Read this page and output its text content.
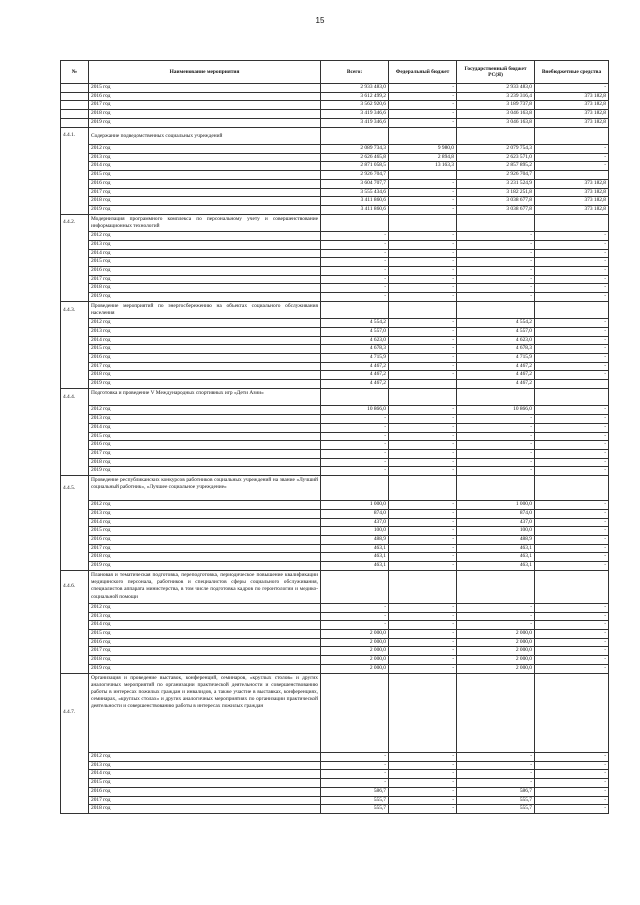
15
№	Наименование мероприятия	Всего:	Федеральный бюджет	Государственный бюджет РС(Я)	Внебюджетные средства
	2015 год	2 933 483,0	-	2 933 483,0	-
	2016 год	3 612 499,2	-	3 239 316,4	373 182,8
	2017 год	3 562 920,6	-	3 189 737,8	373 182,8
	2018 год	3 419 346,6	-	3 046 163,8	373 182,8
	2019 год	3 419 346,6	-	3 046 163,8	373 182,8
4.4.1.	Содержание подведомственных социальных учреждений				
	2012 год	2 089 734,3	9 980,0	2 079 754,3	-
	2013 год	2 626 465,8	2 894,8	2 623 571,0	-
	2014 год	2 871 058,5	13 163,3	2 857 895,2	-
	2015 год	2 926 704,7		2 926 704,7	
	2016 год	3 604 707,7	-	3 231 524,9	373 182,8
	2017 год	3 555 434,6	-	3 182 251,8	373 182,8
	2018 год	3 411 860,6	-	3 038 677,8	373 182,8
	2019 год	3 411 860,6	-	3 038 677,8	373 182,8
4.4.2.	Модернизация программного комплекса по персональному учету и совершенствование информационных технологий				
	2012 год	-	-	-	-
	2013 год	-	-	-	-
	2014 год	-	-	-	-
	2015 год	-	-	-	-
	2016 год	-	-	-	-
	2017 год	-	-	-	-
	2018 год	-	-	-	-
	2019 год	-	-	-	-
4.4.3.	Проведение мероприятий по энергосбережению на объектах социального обслуживания населения				
	2012 год	4 554,2	-	4 554,2	-
	2013 год	4 557,0	-	4 557,0	-
	2014 год	4 623,0	-	4 623,0	-
	2015 год	4 678,3	-	4 678,3	-
	2016 год	4 715,9	-	4 715,9	-
	2017 год	4 467,2	-	4 467,2	-
	2018 год	4 467,2	-	4 467,2	-
	2019 год	4 467,2		4 467,2	
4.4.4.	Подготовка и проведение V Международных спортивных игр «Дети Азии»				
	2012 год	10 866,0	-	10 866,0	-
	2013 год	-	-	-	-
	2014 год	-	-	-	-
	2015 год	-	-	-	-
	2016 год	-	-	-	-
	2017 год	-	-	-	-
	2018 год	-	-	-	-
	2019 год	-	-	-	-
4.4.5.	Проведение республиканских конкурсов работников социальных учреждений на звание «Лучший социальный работник», «Лучшее социальное учреждение»				
	2012 год	1 000,0	-	1 000,0	-
	2013 год	874,0	-	874,0	-
	2014 год	437,0	-	437,0	-
	2015 год	100,0	-	100,0	-
	2016 год	488,9	-	488,9	-
	2017 год	463,1	-	463,1	-
	2018 год	463,1	-	463,1	-
	2019 год	463,1	-	463,1	-
4.4.6.	Плановая и тематическая подготовка, переподготовка, периодическое повышение квалификации медицинского персонала, работников и специалистов сферы социального обслуживания, специалистов аппарата министерства, в том числе подготовка кадров по геронтологии и медико-социальной помощи				
	2012 год	-	-	-	-
	2013 год	-	-	-	-
	2014 год	-	-	-	-
	2015 год	2 000,0	-	2 000,0	-
	2016 год	2 000,0	-	2 000,0	-
	2017 год	2 000,0	-	2 000,0	-
	2018 год	2 000,0	-	2 000,0	-
	2019 год	2 000,0	-	2 000,0	-
4.4.7.	Организация и проведение выставок, конференций, семинаров, «круглых столов» и других аналогичных мероприятий по организации практической деятельности и совершенствованию работы в интересах пожилых граждан и инвалидов, а также участие в выставках, конференциях, семинарах, «круглых столах» и других аналогичных мероприятиях по организации практической деятельности и совершенствованию работы в интересах пожилых граждан				
	2012 год	-	-	-	-
	2013 год	-	-	-	-
	2014 год	-	-	-	-
	2015 год	-	-	-	-
	2016 год	586,7	-	586,7	-
	2017 год	555,7	-	555,7	-
	2018 год	555,7	-	555,7	-
